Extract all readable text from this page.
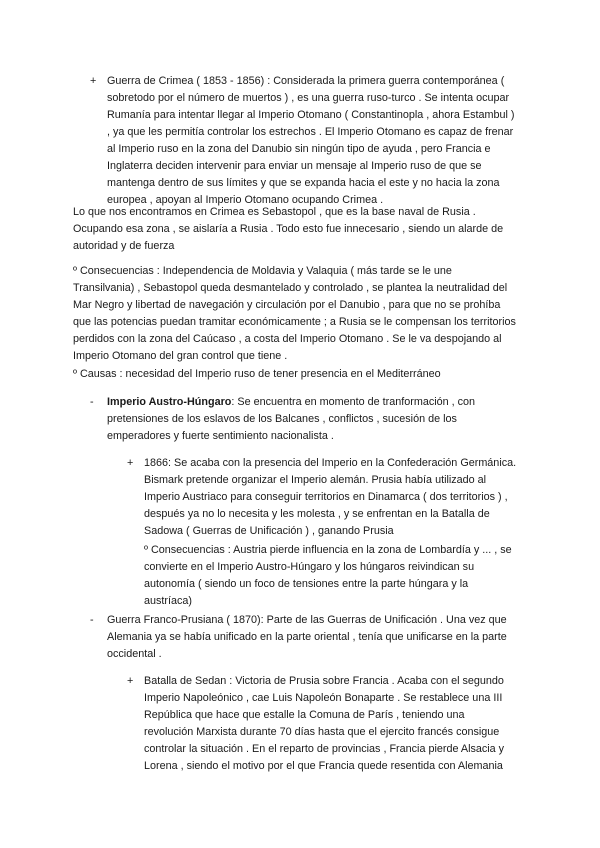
+ Guerra de Crimea ( 1853 - 1856) : Considerada la primera guerra contemporánea (
sobretodo por el número de muertos ) , es una guerra ruso-turco . Se intenta ocupar
Rumanía para intentar llegar al Imperio Otomano ( Constantinopla , ahora Estambul )
, ya que les permitía controlar los estrechos . El Imperio Otomano es capaz de frenar
al Imperio ruso en la zona del Danubio sin ningún tipo de ayuda , pero Francia e
Inglaterra deciden intervenir para enviar un mensaje al Imperio ruso de que se
mantenga dentro de sus límites y que se expanda hacia el este y no hacia la zona
europea , apoyan al Imperio Otomano ocupando Crimea .
Lo que nos encontramos en Crimea es Sebastopol , que es la base naval de Rusia .
Ocupando esa zona , se aislaría a Rusia . Todo esto fue innecesario , siendo un alarde de
autoridad y de fuerza
º Consecuencias : Independencia de Moldavia y Valaquia ( más tarde se le une
Transilvania) , Sebastopol queda desmantelado y controlado , se plantea la neutralidad del
Mar Negro y libertad de navegación y circulación por el Danubio , para que no se prohíba
que las potencias puedan tramitar económicamente ; a Rusia se le compensan los territorios
perdidos con la zona del Caúcaso , a costa del Imperio Otomano . Se le va despojando al
Imperio Otomano del gran control que tiene .
º Causas : necesidad del Imperio ruso de tener presencia en el Mediterráneo
- Imperio Austro-Húngaro: Se encuentra en momento de tranformación , con
pretensiones de los eslavos de los Balcanes , conflictos , sucesión de los
emperadores y fuerte sentimiento nacionalista .
+ 1866: Se acaba con la presencia del Imperio en la Confederación Germánica.
Bismark pretende organizar el Imperio alemán. Prusia había utilizado al
Imperio Austriaco para conseguir territorios en Dinamarca ( dos territorios ) ,
después ya no lo necesita y les molesta , y se enfrentan en la Batalla de
Sadowa ( Guerras de Unificación ) , ganando Prusia
º Consecuencias : Austria pierde influencia en la zona de Lombardía y ... , se
convierte en el Imperio Austro-Húngaro y los húngaros reivindican su
autonomía ( siendo un foco de tensiones entre la parte húngara y la
austríaca)
- Guerra Franco-Prusiana ( 1870): Parte de las Guerras de Unificación . Una vez que
Alemania ya se había unificado en la parte oriental , tenía que unificarse en la parte
occidental .
+ Batalla de Sedan : Victoria de Prusia sobre Francia . Acaba con el segundo
Imperio Napoleónico , cae Luis Napoleón Bonaparte . Se restablece una III
República que hace que estalle la Comuna de París , teniendo una
revolución Marxista durante 70 días hasta que el ejercito francés consigue
controlar la situación . En el reparto de provincias , Francia pierde Alsacia y
Lorena , siendo el motivo por el que Francia quede resentida con Alemania
